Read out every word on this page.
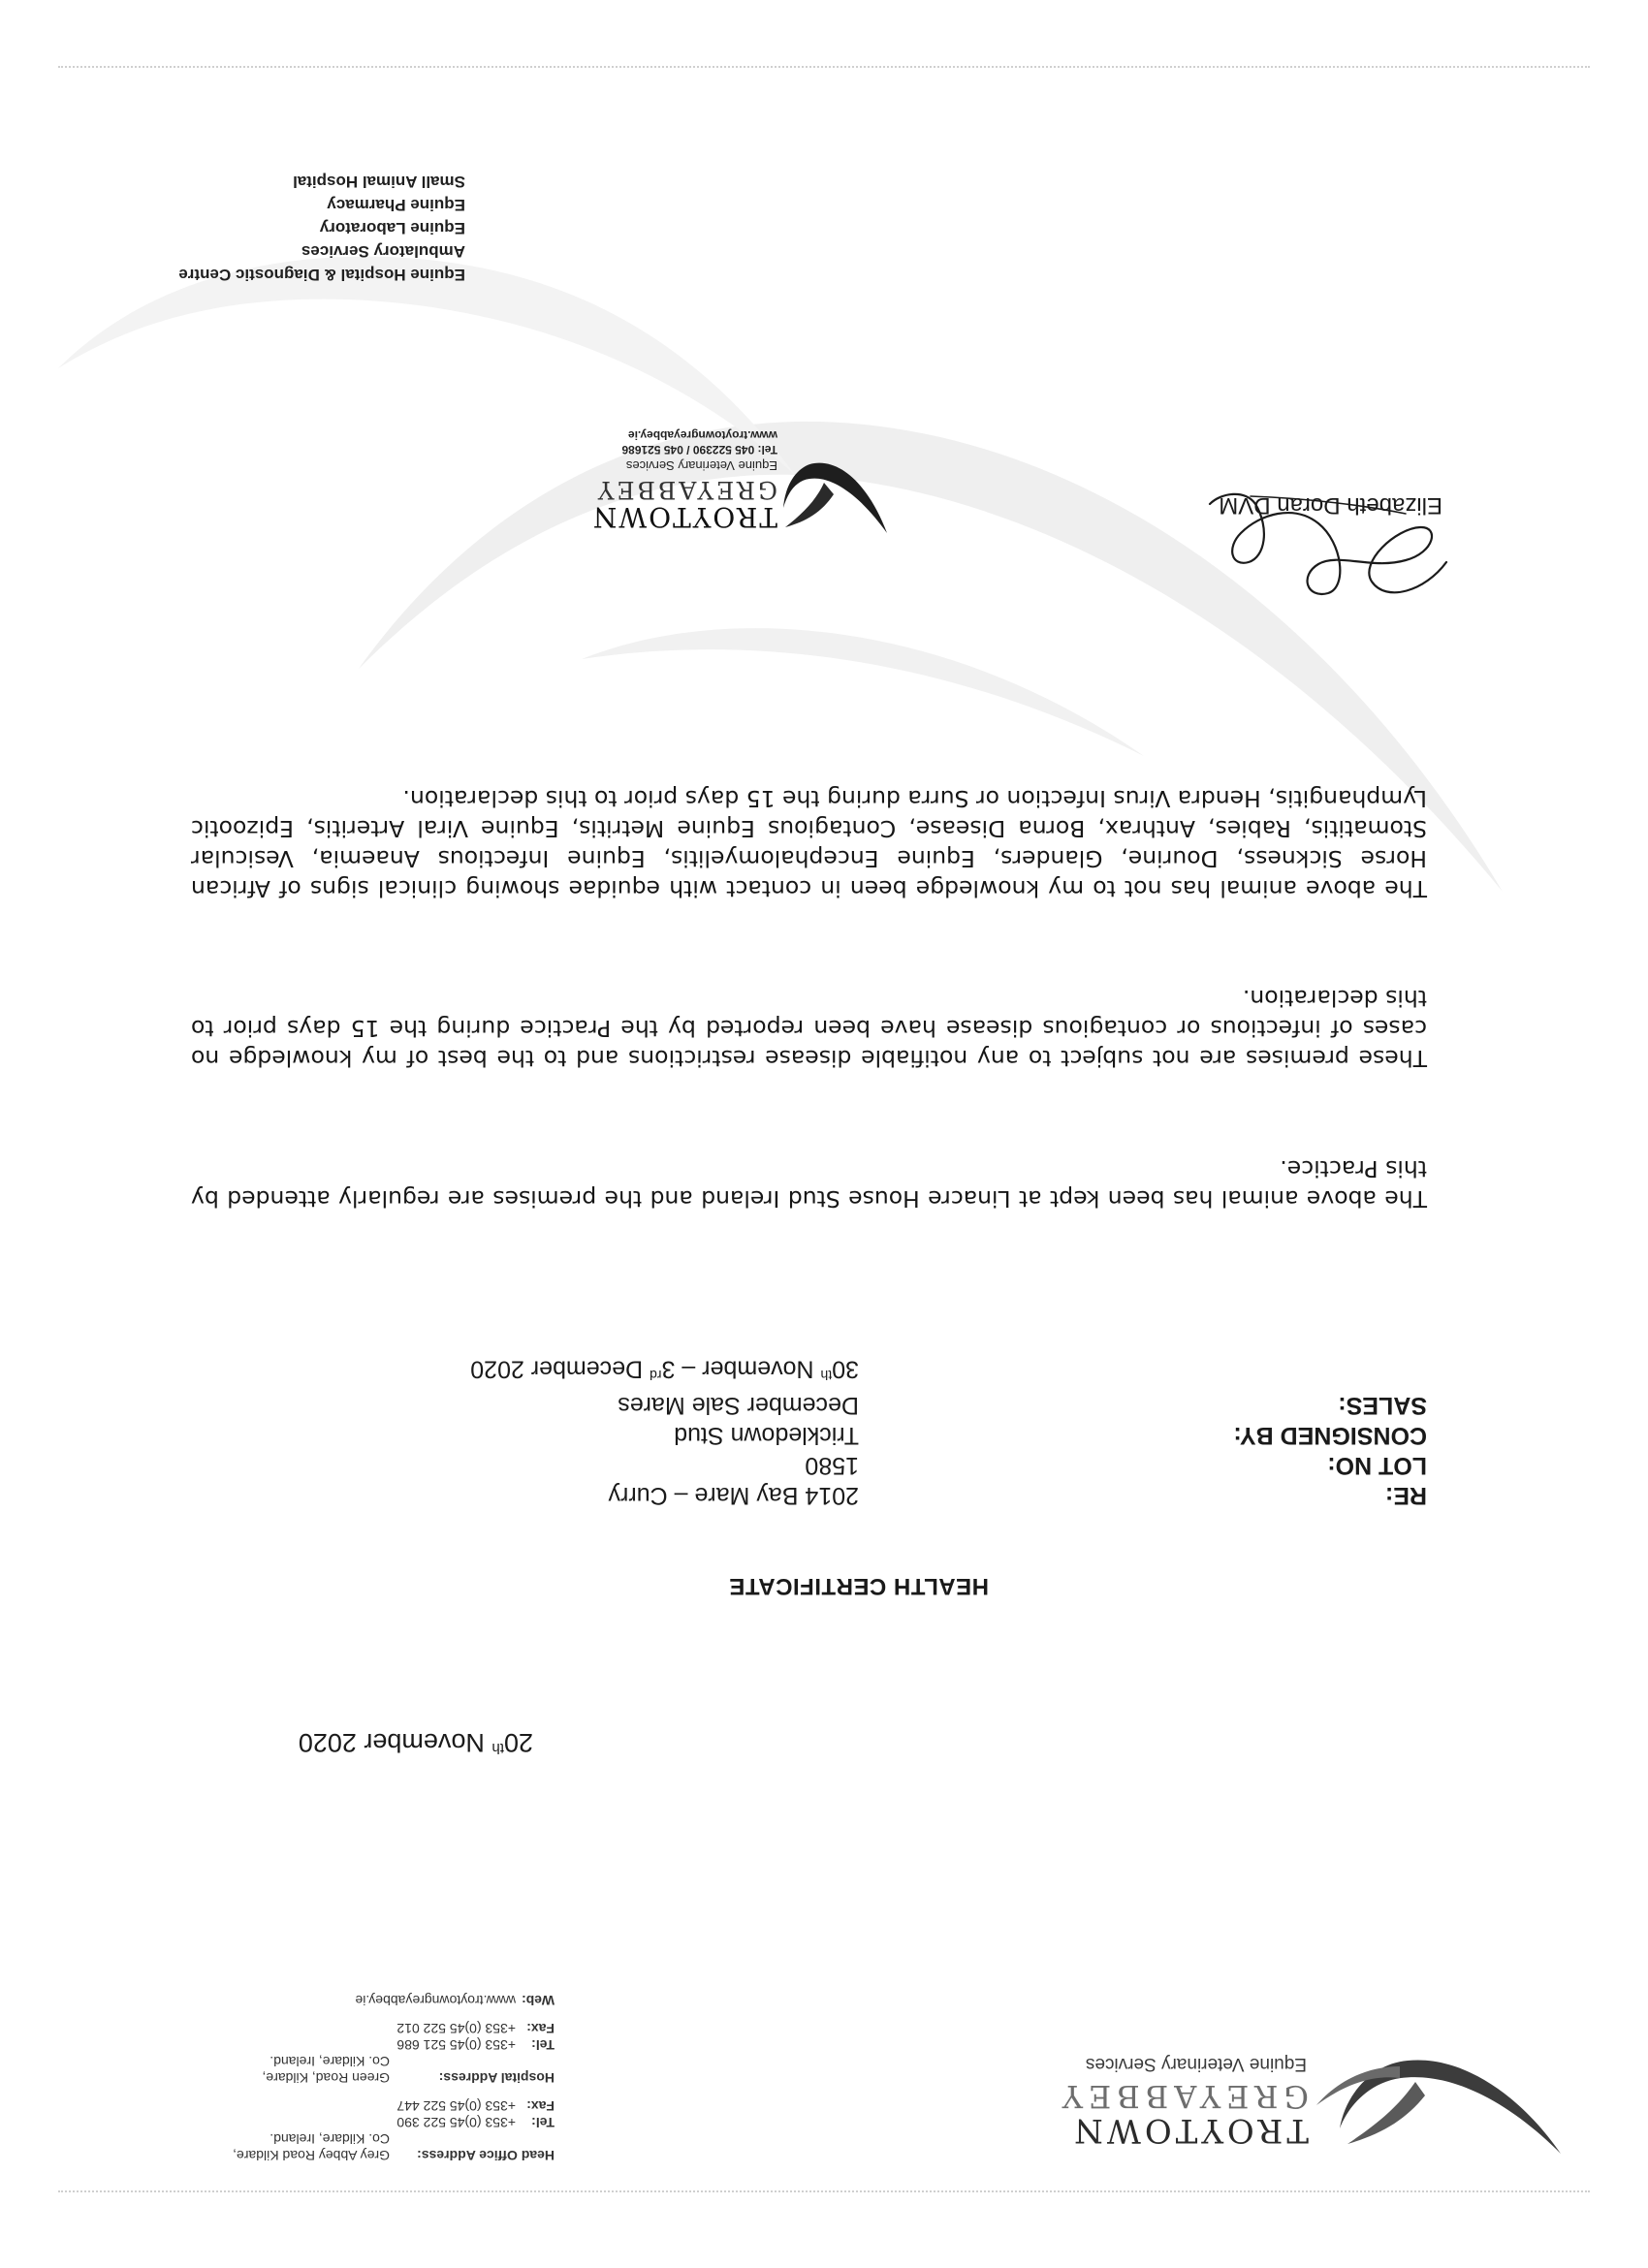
TROYTOWN
GREYABBEY
Equine Veterinary Services
Head Office Address:
Grey Abbey Road Kildare,
Co. Kildare, Ireland.
Tel:
+353 (0)45 522 390
Fax:
+353 (0)45 522 447
Hospital Address:
Green Road, Kildare,
Co. Kildare, Ireland.
Tel:
+353 (0)45 521 686
Fax:
+353 (0)45 522 012
Web:
www.troytowngreyabbey.ie
20th November 2020
HEALTH CERTIFICATE
RE:
2014 Bay Mare – Curry
LOT NO:
1580
CONSIGNED BY:
Trickledown Stud
SALES:
December Sale Mares
30th November – 3rd December 2020
The above animal has been kept at Linacre House Stud Ireland and the premises are regularly attended by this Practice.
These premises are not subject to any notifiable disease restrictions and to the best of my knowledge no cases of infectious or contagious disease have been reported by the Practice during the 15 days prior to this declaration.
The above animal has not to my knowledge been in contact with equidae showing clinical signs of African Horse Sickness, Dourine, Glanders, Equine Encephalomyelitis, Equine Infectious Anaemia, Vesicular Stomatitis, Rabies, Anthrax, Borna Disease, Contagious Equine Metritis, Equine Viral Arteritis, Epizootic Lymphangitis, Hendra Virus Infection or Surra during the 15 days prior to this declaration.
Elizabeth Doran DVM
TROYTOWN
GREYABBEY
Equine Veterinary Services
Tel: 045 522390 / 045 521686
www.troytowngreyabbey.ie
Equine Hospital & Diagnostic Centre
Ambulatory Services
Equine Laboratory
Equine Pharmacy
Small Animal Hospital
